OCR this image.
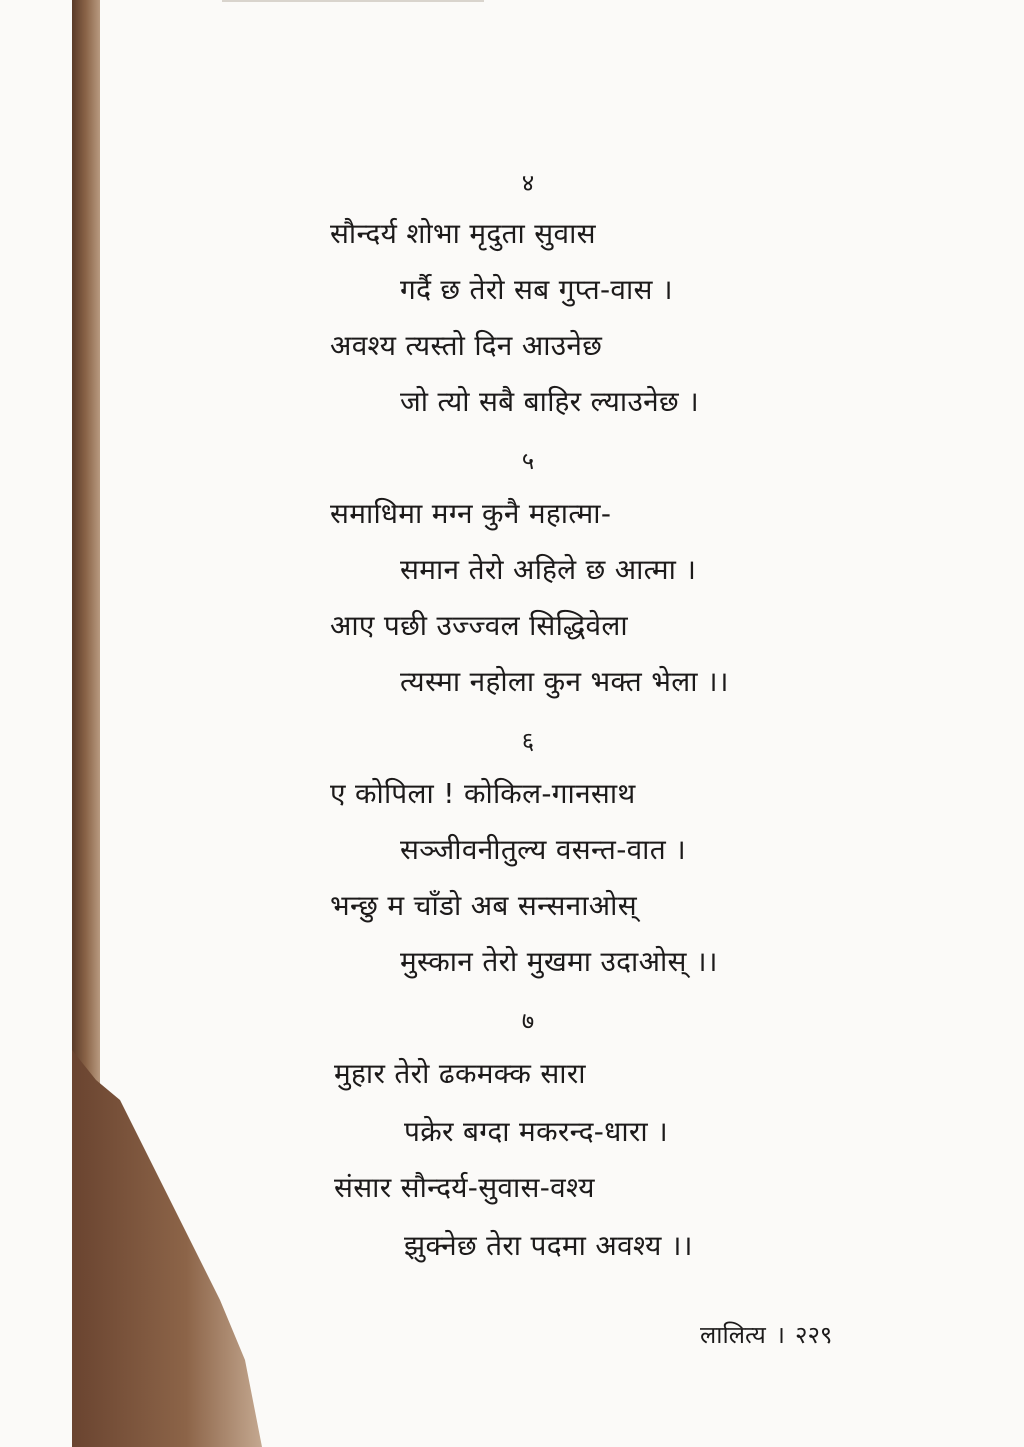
४
सौन्दर्य शोभा मृदुता सुवास
गर्दै छ तेरो सब गुप्त-वास ।
अवश्य त्यस्तो दिन आउनेछ
जो त्यो सबै बाहिर ल्याउनेछ ।
५
समाधिमा मग्न कुनै महात्मा-
समान तेरो अहिले छ आत्मा ।
आए पछी उज्ज्वल सिद्धिवेला
त्यस्मा नहोला कुन भक्त भेला ।।
६
ए कोपिला ! कोकिल-गानसाथ
सञ्जीवनीतुल्य वसन्त-वात ।
भन्छु म चाँडो अब सन्सनाओस्
मुस्कान तेरो मुखमा उदाओस् ।।
७
मुहार तेरो ढकमक्क सारा
पक्रेर बग्दा मकरन्द-धारा ।
संसार सौन्दर्य-सुवास-वश्य
झुक्नेछ तेरा पदमा अवश्य ।।
लालित्य । २२९
